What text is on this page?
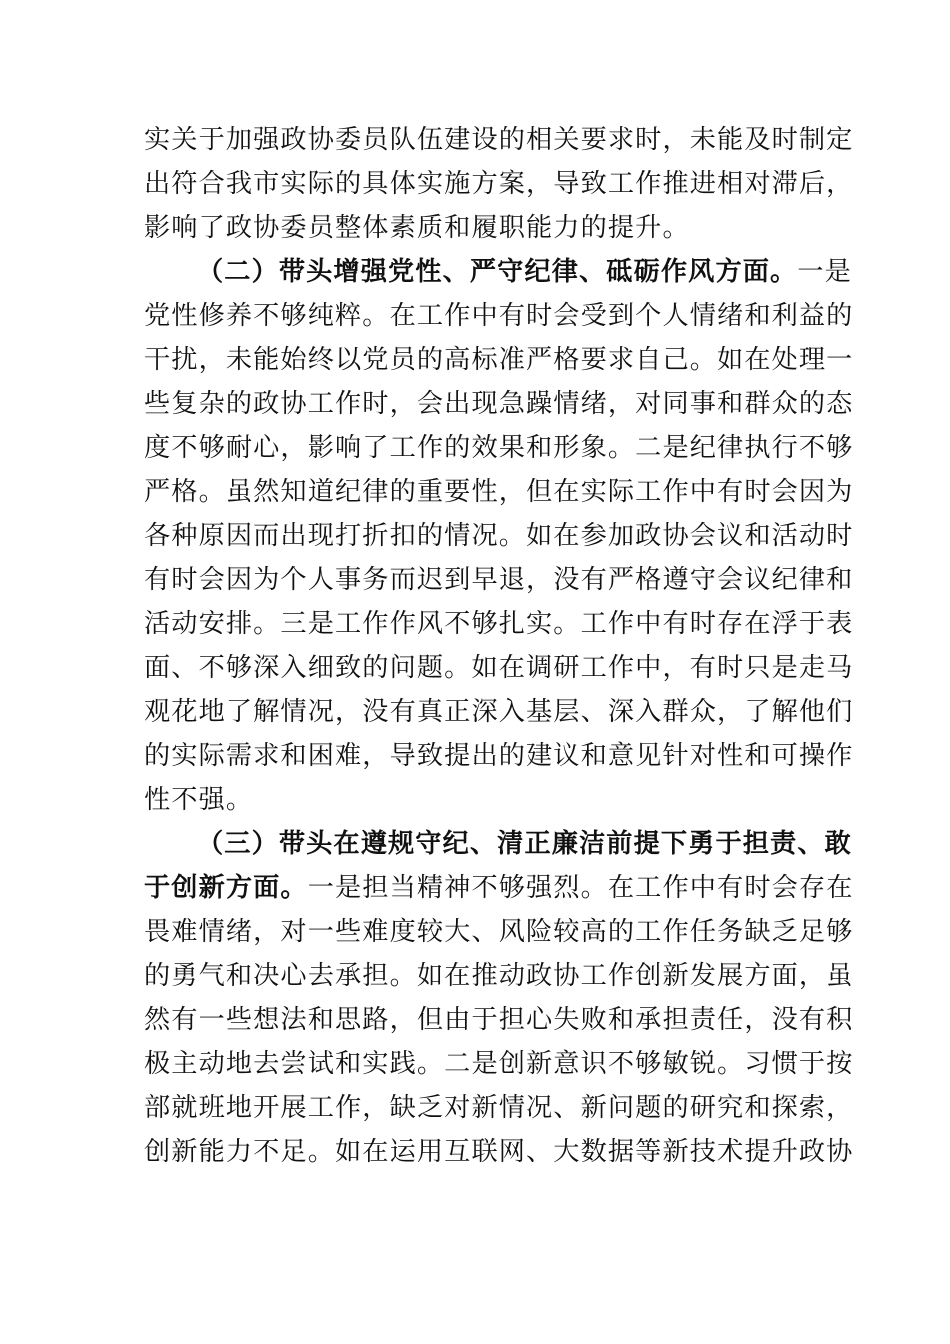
实关于加强政协委员队伍建设的相关要求时，未能及时制定
出符合我市实际的具体实施方案，导致工作推进相对滞后，
影响了政协委员整体素质和履职能力的提升。
（二）带头增强党性、严守纪律、砥砺作风方面。一是
党性修养不够纯粹。在工作中有时会受到个人情绪和利益的
干扰，未能始终以党员的高标准严格要求自己。如在处理一
些复杂的政协工作时，会出现急躁情绪，对同事和群众的态
度不够耐心，影响了工作的效果和形象。二是纪律执行不够
严格。虽然知道纪律的重要性，但在实际工作中有时会因为
各种原因而出现打折扣的情况。如在参加政协会议和活动时
有时会因为个人事务而迟到早退，没有严格遵守会议纪律和
活动安排。三是工作作风不够扎实。工作中有时存在浮于表
面、不够深入细致的问题。如在调研工作中，有时只是走马
观花地了解情况，没有真正深入基层、深入群众，了解他们
的实际需求和困难，导致提出的建议和意见针对性和可操作
性不强。
（三）带头在遵规守纪、清正廉洁前提下勇于担责、敢
于创新方面。一是担当精神不够强烈。在工作中有时会存在
畏难情绪，对一些难度较大、风险较高的工作任务缺乏足够
的勇气和决心去承担。如在推动政协工作创新发展方面，虽
然有一些想法和思路，但由于担心失败和承担责任，没有积
极主动地去尝试和实践。二是创新意识不够敏锐。习惯于按
部就班地开展工作，缺乏对新情况、新问题的研究和探索，
创新能力不足。如在运用互联网、大数据等新技术提升政协
